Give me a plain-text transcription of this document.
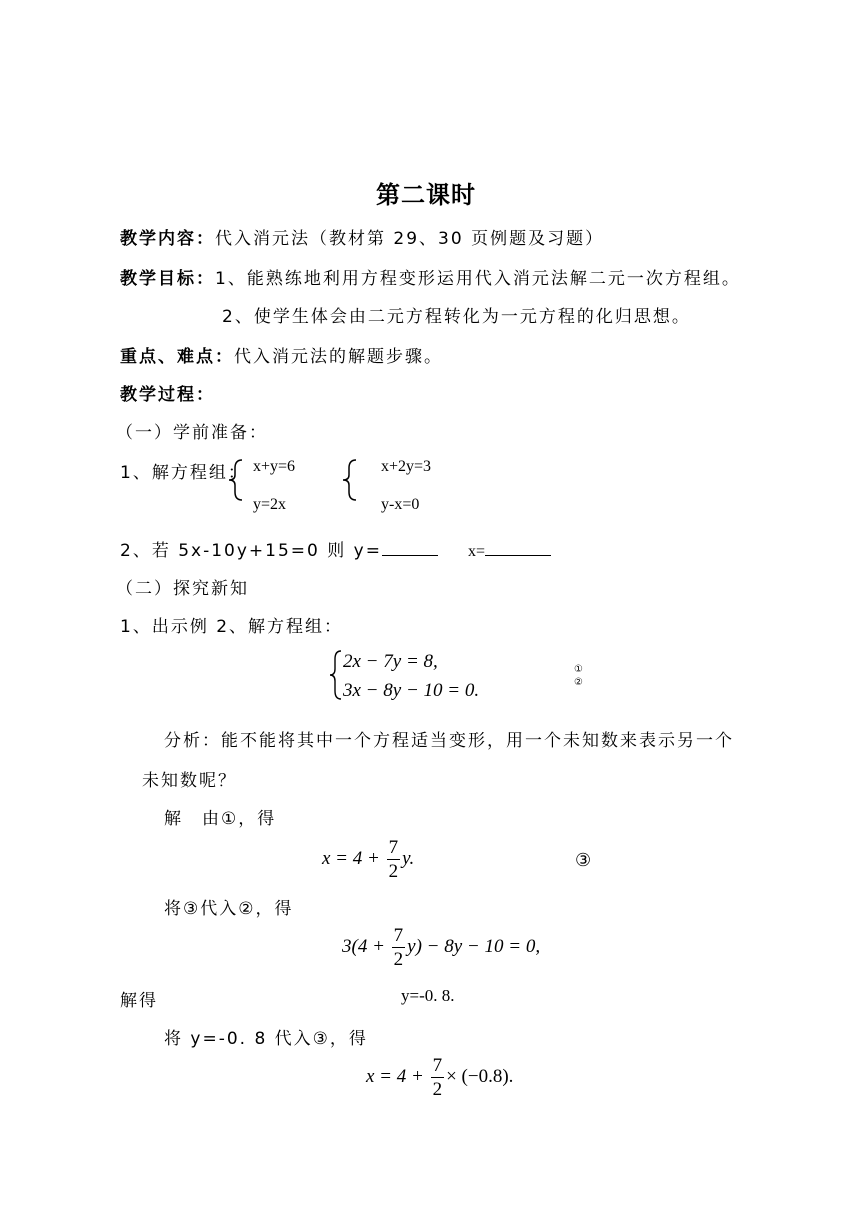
第二课时
教学内容：代入消元法（教材第 29、30 页例题及习题）
教学目标：1、能熟练地利用方程变形运用代入消元法解二元一次方程组。
2、使学生体会由二元方程转化为一元方程的化归思想。
重点、难点：代入消元法的解题步骤。
教学过程：
（一）学前准备：
1、解方程组： x+y=6
y=2x
x+2y=3
y-x=0
2、若 5x-10y+15=0 则 y=	x=
（二）探究新知
1、出示例 2、解方程组：
2x − 7y = 8,
3x − 8y − 10 = 0.
①
②
分析：能不能将其中一个方程适当变形，用一个未知数来表示另一个
未知数呢？
解　由①，得
$x = 4 + \frac{7}{2} y$.	③
将③代入②，得
$3(4 + \frac{7}{2} y) - 8y - 10 = 0$,
解得	y=-0. 8.
将 y=-0. 8 代入③，得
$x = 4 + \frac{7}{2} \times (-0.8)$.
